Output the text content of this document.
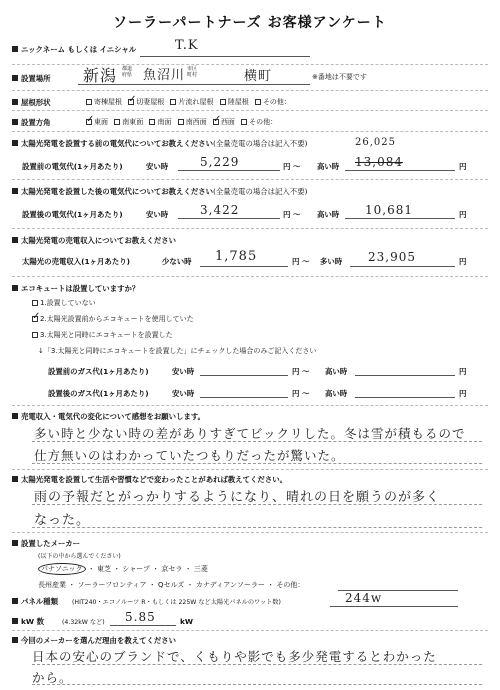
ソーラーパートナーズ お客様アンケート
ニックネーム もしくは イニシャル	T.K
設置場所 新潟 都道府県 魚沼川 市区町村	横町	※番地は不要です
屋根形状	寄棟屋根 ✓ 切妻屋根 片流れ屋根 陸屋根 その他：
設置方角 ✓	東面 南東面 南面 南西面 ✓ 西面 その他：
太陽光発電を設置する前の電気代についてお教えください(全量売電の場合は記入不要)	26,025
設置前の電気代(1ヶ月あたり)	安い時	5,229	円 ～ 高い時 13,084	円
太陽光発電を設置した後の電気代についてお教えください(全量売電の場合は記入不要)
設置後の電気代(1ヶ月あたり)	安い時	3,422	円 ～ 高い時 10,681	円
太陽光発電の売電収入についてお教えください
太陽光の売電収入(1ヶ月あたり)	少ない時 1,785	円 ～ 多い時 23,905	円
エコキュートは設置していますか？
1.設置していない
✓2.太陽光設置前からエコキュートを使用していた
3.太陽光と同時にエコキュートを設置した
↓「3.太陽光と同時にエコキュートを設置した」にチェックした場合のみご記入ください
設置前のガス代(1ヶ月あたり)	安い時	円 ～ 高い時	円
設置後のガス代(1ヶ月あたり)	安い時	円 ～ 高い時	円
売電収入・電気代の変化について感想をお願いします。
多い時と少ない時の差がありすぎてビックリした。冬は雪が積もるので
仕方無いのはわかっていたつもりだったが驚いた。
太陽光発電を設置して生活や習慣などで変わったことがあれば教えてください。
雨の予報だとがっかりするようになり、晴れの日を願うのが多く
なった。
設置したメーカー
(以下の中から選んでください)
パナソニック ・ 東芝 ・ シャープ ・ 京セラ ・ 三菱
長州産業 ・ ソーラーフロンティア ・ Qセルズ ・ カナディアンソーラー ・ その他：
パネル種類 (HIT240・エコノルーツ R・もしくは 225W など太陽光パネルのワット数)	244w
kW 数	(4.32kW など) 5.85	kW
今回のメーカーを選んだ理由を教えてください
日本の安心のブランドで、くもりや影でも多少発電するとわかった
から。
